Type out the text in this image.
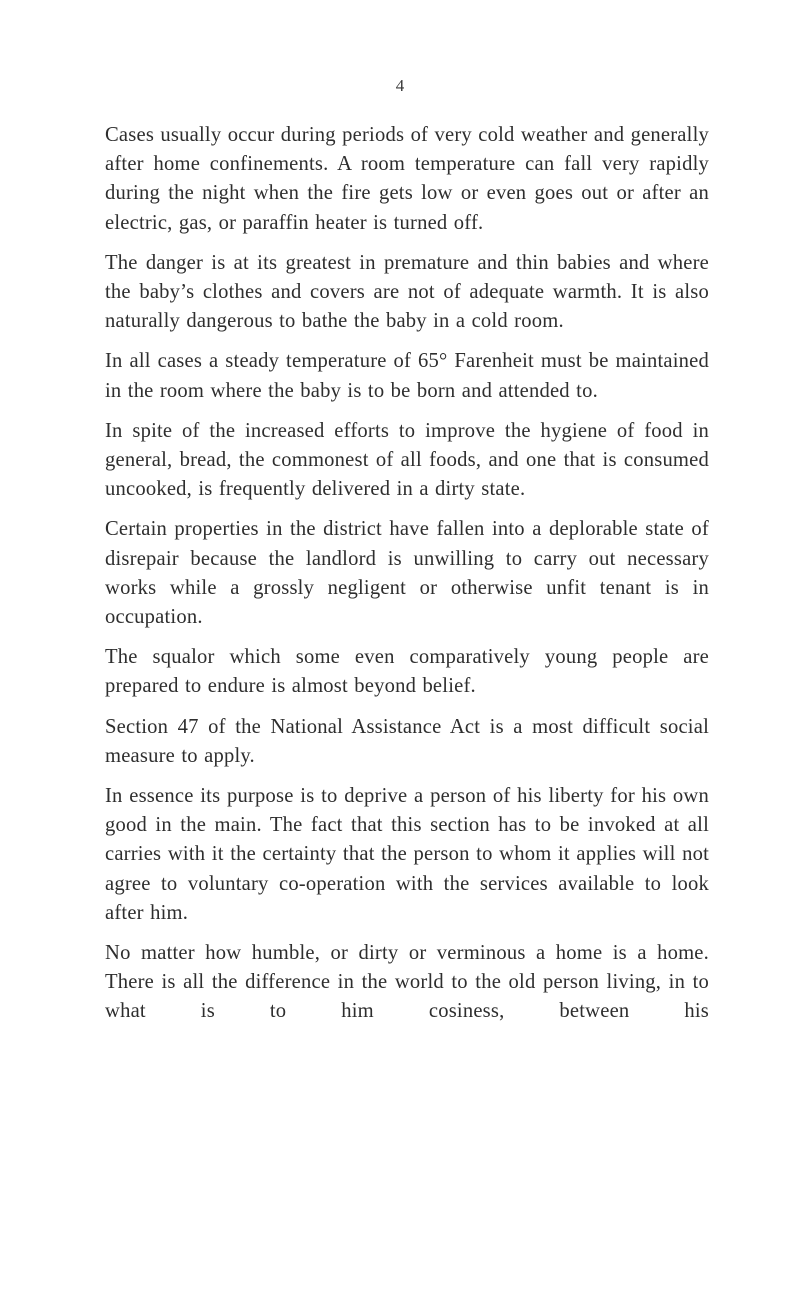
4

Cases usually occur during periods of very cold weather and generally after home confinements. A room temperature can fall very rapidly during the night when the fire gets low or even goes out or after an electric, gas, or paraffin heater is turned off.

The danger is at its greatest in premature and thin babies and where the baby’s clothes and covers are not of adequate warmth. It is also naturally dangerous to bathe the baby in a cold room.

In all cases a steady temperature of 65° Farenheit must be maintained in the room where the baby is to be born and attended to.

In spite of the increased efforts to improve the hygiene of food in general, bread, the commonest of all foods, and one that is consumed uncooked, is frequently delivered in a dirty state.

Certain properties in the district have fallen into a deplorable state of disrepair because the landlord is unwilling to carry out necessary works while a grossly negligent or otherwise unfit tenant is in occupation.

The squalor which some even comparatively young people are prepared to endure is almost beyond belief.

Section 47 of the National Assistance Act is a most difficult social measure to apply.

In essence its purpose is to deprive a person of his liberty for his own good in the main. The fact that this section has to be invoked at all carries with it the certainty that the person to whom it applies will not agree to voluntary co-operation with the services available to look after him.

No matter how humble, or dirty or verminous a home is a home. There is all the difference in the world to the old person living, in to what is to him cosiness, between his
